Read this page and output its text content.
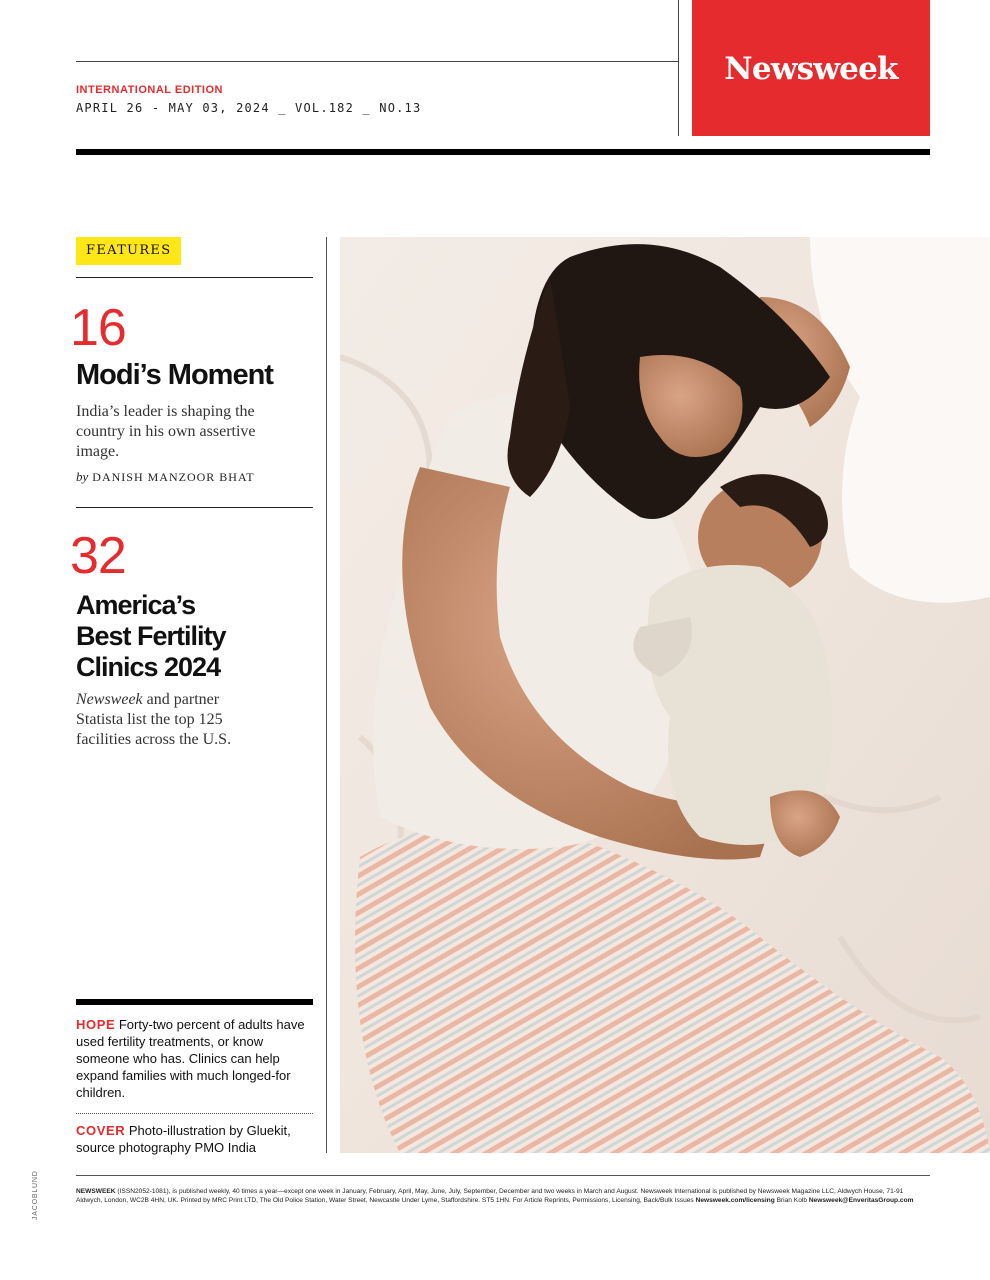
INTERNATIONAL EDITION
APRIL 26 - MAY 03, 2024 _ VOL.182 _ NO.13
Newsweek
FEATURES
16
Modi’s Moment
India’s leader is shaping the country in his own assertive image.
by DANISH MANZOOR BHAT
32
America’s
Best Fertility
Clinics 2024
Newsweek and partner Statista list the top 125 facilities across the U.S.
HOPE Forty-two percent of adults have used fertility treatments, or know someone who has. Clinics can help expand families with much longed-for children.
COVER Photo-illustration by Gluekit, source photography PMO India
JACOBLUND	NEWSWEEK (ISSN2052-1081), is published weekly, 40 times a year—except one week in January, February, April, May, June, July, September, December and two weeks in March and August. Newsweek International is published by Newsweek Magazine LLC, Aldwych House, 71-91 Aldwych, London, WC2B 4HN, UK. Printed by MRC Print LTD, The Old Police Station, Water Street, Newcastle Under Lyme, Staffordshire. ST5 1HN. For Article Reprints, Permissions, Licensing, Back/Bulk Issues Newsweek.com/licensing Brian Kolb Newsweek@EnveritasGroup.com
